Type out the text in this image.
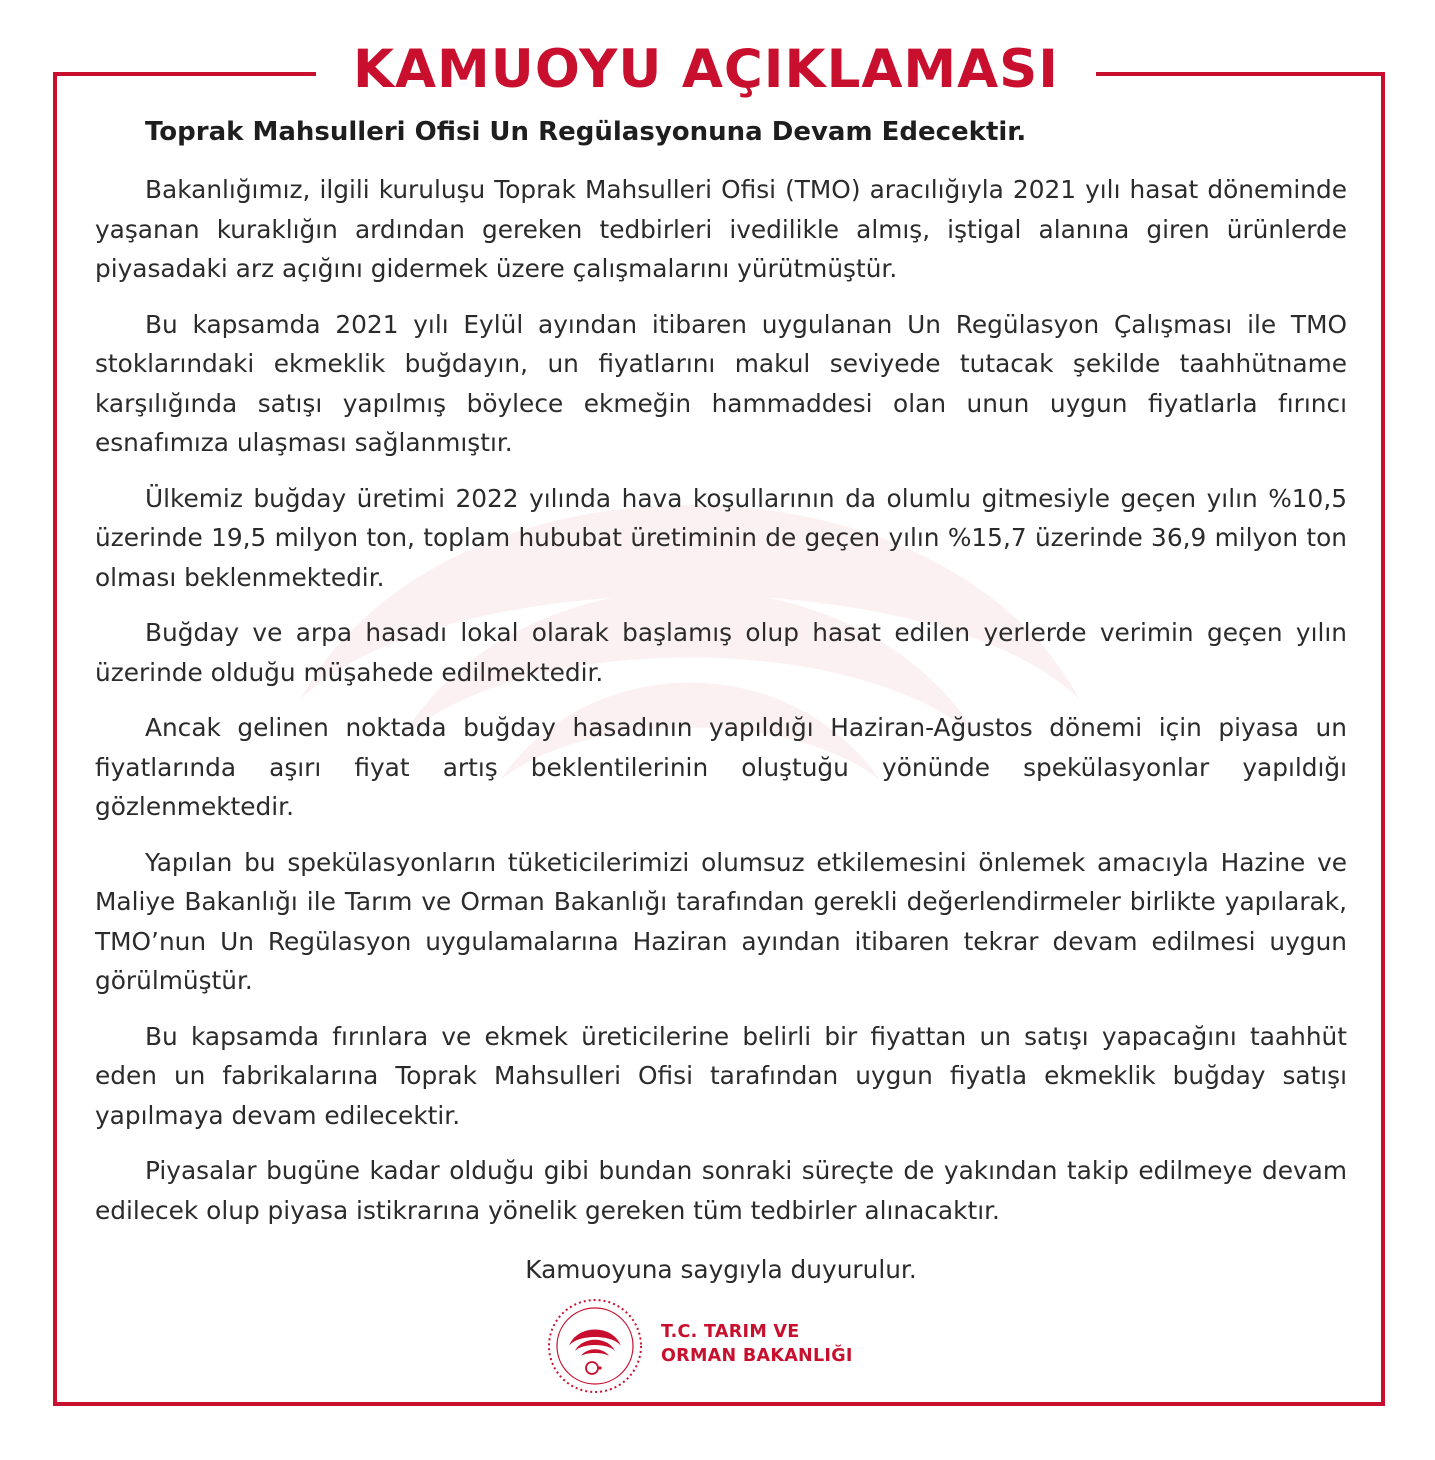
KAMUOYU AÇIKLAMASI
Toprak Mahsulleri Ofisi Un Regülasyonuna Devam Edecektir.

Bakanlığımız, ilgili kuruluşu Toprak Mahsulleri Ofisi (TMO) aracılığıyla 2021 yılı hasat döneminde yaşanan kuraklığın ardından gereken tedbirleri ivedilikle almış, iştigal alanına giren ürünlerde piyasadaki arz açığını gidermek üzere çalışmalarını yürütmüştür.

Bu kapsamda 2021 yılı Eylül ayından itibaren uygulanan Un Regülasyon Çalışması ile TMO stoklarındaki ekmeklik buğdayın, un fiyatlarını makul seviyede tutacak şekilde taahhütname karşılığında satışı yapılmış böylece ekmeğin hammaddesi olan unun uygun fiyatlarla fırıncı esnafımıza ulaşması sağlanmıştır.

Ülkemiz buğday üretimi 2022 yılında hava koşullarının da olumlu gitmesiyle geçen yılın %10,5 üzerinde 19,5 milyon ton, toplam hububat üretiminin de geçen yılın %15,7 üzerinde 36,9 milyon ton olması beklenmektedir.

Buğday ve arpa hasadı lokal olarak başlamış olup hasat edilen yerlerde verimin geçen yılın üzerinde olduğu müşahede edilmektedir.

Ancak gelinen noktada buğday hasadının yapıldığı Haziran-Ağustos dönemi için piyasa un fiyatlarında aşırı fiyat artış beklentilerinin oluştuğu yönünde spekülasyonlar yapıldığı gözlenmektedir.

Yapılan bu spekülasyonların tüketicilerimizi olumsuz etkilemesini önlemek amacıyla Hazine ve Maliye Bakanlığı ile Tarım ve Orman Bakanlığı tarafından gerekli değerlendirmeler birlikte yapılarak, TMO’nun Un Regülasyon uygulamalarına Haziran ayından itibaren tekrar devam edilmesi uygun görülmüştür.

Bu kapsamda fırınlara ve ekmek üreticilerine belirli bir fiyattan un satışı yapacağını taahhüt eden un fabrikalarına Toprak Mahsulleri Ofisi tarafından uygun fiyatla ekmeklik buğday satışı yapılmaya devam edilecektir.

Piyasalar bugüne kadar olduğu gibi bundan sonraki süreçte de yakından takip edilmeye devam edilecek olup piyasa istikrarına yönelik gereken tüm tedbirler alınacaktır.

Kamuoyuna saygıyla duyurulur.

T.C. TARIM VE
ORMAN BAKANLIĞI
